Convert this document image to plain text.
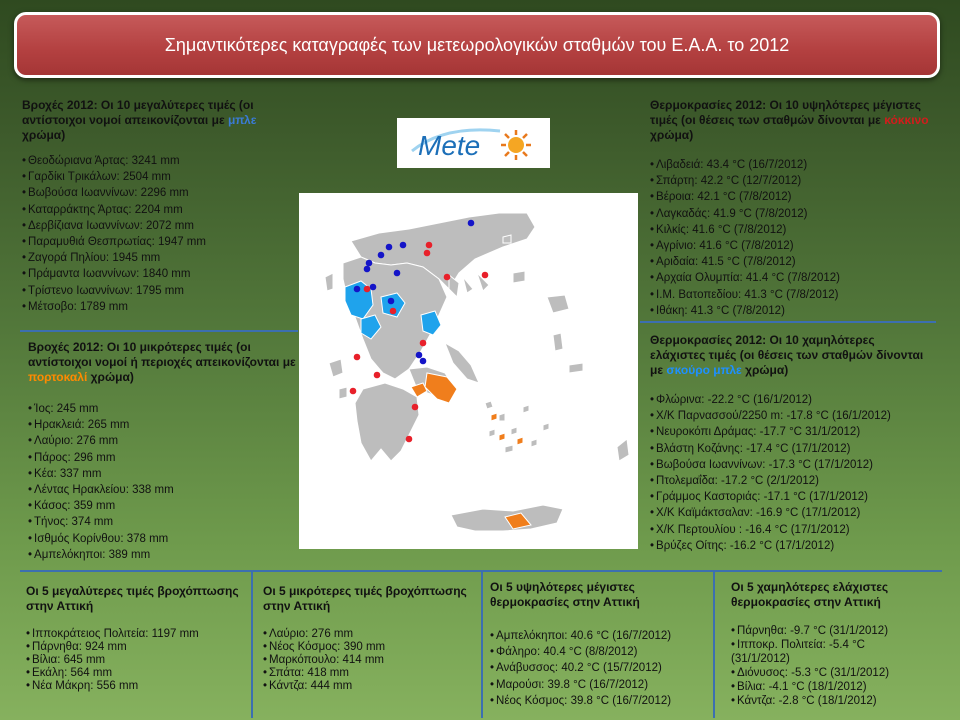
Σημαντικότερες καταγραφές των μετεωρολογικών σταθμών του Ε.Α.Α. το 2012
Βροχές 2012: Οι 10 μεγαλύτερες τιμές (οι αντίστοιχοι νομοί απεικονίζονται με μπλε χρώμα)
• Θεοδώριανα Άρτας: 3241 mm
• Γαρδίκι Τρικάλων: 2504 mm
• Βωβούσα Ιωαννίνων: 2296 mm
• Καταρράκτης Άρτας: 2204 mm
• Δερβίζιανα Ιωαννίνων: 2072 mm
• Παραμυθιά Θεσπρωτίας: 1947 mm
• Ζαγορά Πηλίου: 1945 mm
• Πράμαντα Ιωαννίνων: 1840 mm
• Τρίστενο Ιωαννίνων: 1795 mm
• Μέτσοβο: 1789 mm
Βροχές 2012: Οι 10 μικρότερες τιμές (οι αντίστοιχοι νομοί ή περιοχές απεικονίζονται με πορτοκαλί χρώμα)
• Ίος: 245 mm
• Ηρακλειά: 265 mm
• Λαύριο: 276 mm
• Πάρος: 296 mm
• Κέα: 337 mm
• Λέντας Ηρακλείου: 338 mm
• Κάσος: 359 mm
• Τήνος: 374 mm
• Ισθμός Κορίνθου: 378 mm
• Αμπελόκηποι: 389 mm
Mete
Θερμοκρασίες 2012: Οι 10 υψηλότερες μέγιστες τιμές (οι θέσεις των σταθμών δίνονται με κόκκινο χρώμα)
• Λιβαδειά: 43.4 °C (16/7/2012)
• Σπάρτη: 42.2 °C (12/7/2012)
• Βέροια: 42.1 °C (7/8/2012)
• Λαγκαδάς: 41.9 °C (7/8/2012)
• Κιλκίς: 41.6 °C (7/8/2012)
• Αγρίνιο: 41.6 °C (7/8/2012)
• Αριδαία: 41.5 °C (7/8/2012)
• Αρχαία Ολυμπία: 41.4 °C (7/8/2012)
• Ι.Μ. Βατοπεδίου: 41.3 °C (7/8/2012)
• Ιθάκη: 41.3 °C (7/8/2012)
Θερμοκρασίες 2012: Οι 10 χαμηλότερες ελάχιστες τιμές (οι θέσεις των σταθμών δίνονται με σκούρο μπλε χρώμα)
• Φλώρινα: -22.2 °C (16/1/2012)
• Χ/Κ Παρνασσού/2250 m: -17.8 °C (16/1/2012)
• Νευροκόπι Δράμας: -17.7 °C 31/1/2012)
• Βλάστη Κοζάνης: -17.4 °C (17/1/2012)
• Βωβούσα Ιωαννίνων: -17.3 °C (17/1/2012)
• Πτολεμαΐδα: -17.2 °C (2/1/2012)
• Γράμμος Καστοριάς: -17.1 °C (17/1/2012)
• Χ/Κ Καϊμάκτσαλαν: -16.9 °C (17/1/2012)
• Χ/Κ Περτουλίου : -16.4 °C (17/1/2012)
• Βρύζες Οίτης: -16.2 °C (17/1/2012)
Οι 5 μεγαλύτερες τιμές βροχόπτωσης στην Αττική
• Ιπποκράτειος Πολιτεία: 1197 mm
• Πάρνηθα: 924 mm
• Βίλια: 645 mm
• Εκάλη: 564 mm
• Νέα Μάκρη: 556 mm
Οι 5 μικρότερες τιμές βροχόπτωσης στην Αττική
• Λαύριο: 276 mm
• Νέος Κόσμος: 390 mm
• Μαρκόπουλο: 414 mm
• Σπάτα: 418 mm
• Κάντζα: 444 mm
Οι 5 υψηλότερες μέγιστες θερμοκρασίες στην Αττική
• Αμπελόκηποι: 40.6 °C (16/7/2012)
• Φάληρο: 40.4 °C (8/8/2012)
• Ανάβυσσος: 40.2 °C (15/7/2012)
• Μαρούσι: 39.8 °C (16/7/2012)
• Νέος Κόσμος: 39.8 °C (16/7/2012)
Οι 5 χαμηλότερες ελάχιστες θερμοκρασίες στην Αττική
• Πάρνηθα: -9.7 °C (31/1/2012)
• Ιπποκρ. Πολιτεία: -5.4 °C (31/1/2012)
• Διόνυσος: -5.3 °C (31/1/2012)
• Βίλια: -4.1 °C (18/1/2012)
• Κάντζα: -2.8 °C (18/1/2012)
